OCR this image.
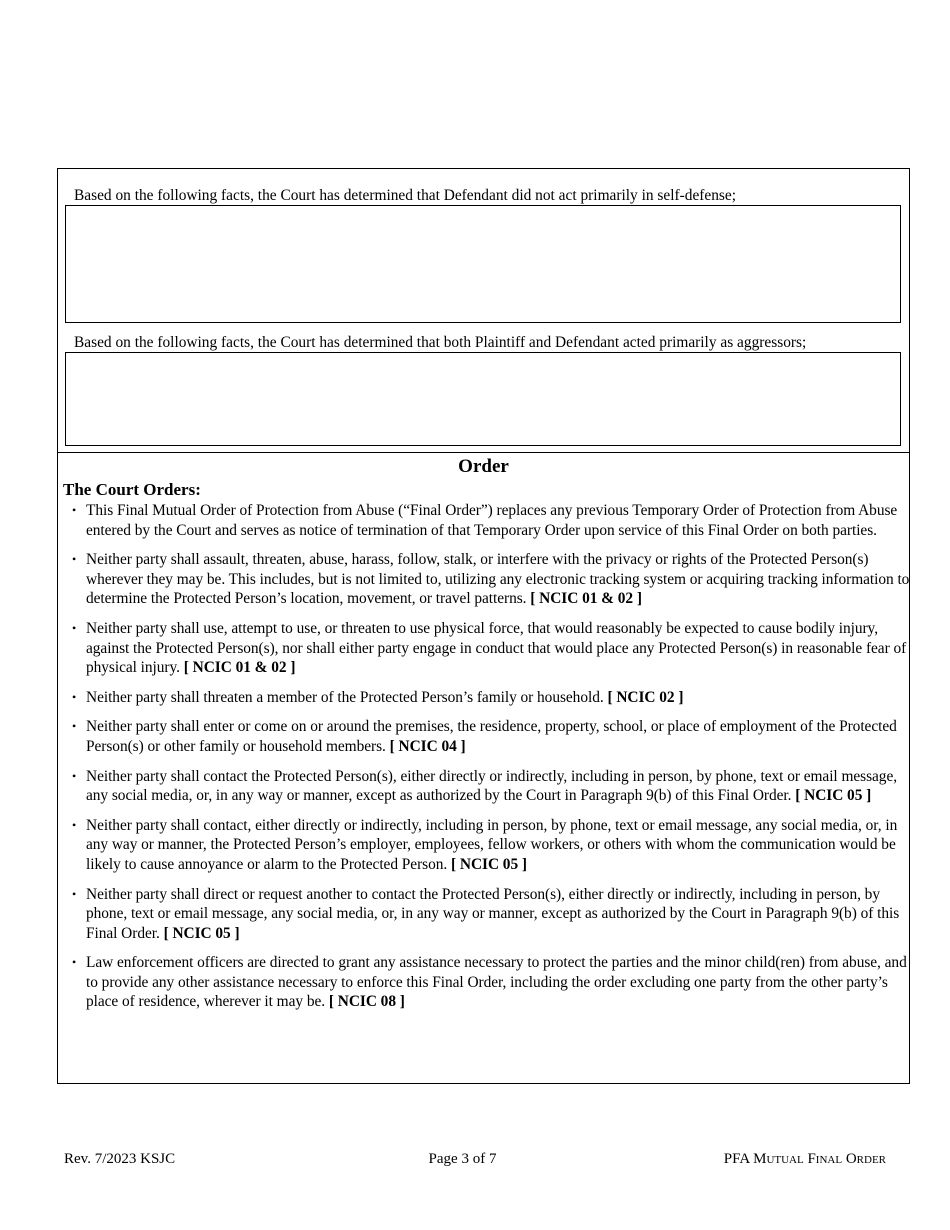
Based on the following facts, the Court has determined that Defendant did not act primarily in self-defense;
Based on the following facts, the Court has determined that both Plaintiff and Defendant acted primarily as aggressors;
Order
The Court Orders:
• This Final Mutual Order of Protection from Abuse (“Final Order”) replaces any previous Temporary Order of Protection from Abuse entered by the Court and serves as notice of termination of that Temporary Order upon service of this Final Order on both parties.
• Neither party shall assault, threaten, abuse, harass, follow, stalk, or interfere with the privacy or rights of the Protected Person(s) wherever they may be. This includes, but is not limited to, utilizing any electronic tracking system or acquiring tracking information to determine the Protected Person’s location, movement, or travel patterns. [ NCIC 01 & 02 ]
• Neither party shall use, attempt to use, or threaten to use physical force, that would reasonably be expected to cause bodily injury, against the Protected Person(s), nor shall either party engage in conduct that would place any Protected Person(s) in reasonable fear of physical injury. [ NCIC 01 & 02 ]
• Neither party shall threaten a member of the Protected Person’s family or household. [ NCIC 02 ]
• Neither party shall enter or come on or around the premises, the residence, property, school, or place of employment of the Protected Person(s) or other family or household members. [ NCIC 04 ]
• Neither party shall contact the Protected Person(s), either directly or indirectly, including in person, by phone, text or email message, any social media, or, in any way or manner, except as authorized by the Court in Paragraph 9(b) of this Final Order. [ NCIC 05 ]
• Neither party shall contact, either directly or indirectly, including in person, by phone, text or email message, any social media, or, in any way or manner, the Protected Person’s employer, employees, fellow workers, or others with whom the communication would be likely to cause annoyance or alarm to the Protected Person. [ NCIC 05 ]
• Neither party shall direct or request another to contact the Protected Person(s), either directly or indirectly, including in person, by phone, text or email message, any social media, or, in any way or manner, except as authorized by the Court in Paragraph 9(b) of this Final Order. [ NCIC 05 ]
• Law enforcement officers are directed to grant any assistance necessary to protect the parties and the minor child(ren) from abuse, and to provide any other assistance necessary to enforce this Final Order, including the order excluding one party from the other party’s place of residence, wherever it may be. [ NCIC 08 ]
Rev. 7/2023 KSJC	Page 3 of 7	PFA Mutual Final Order
